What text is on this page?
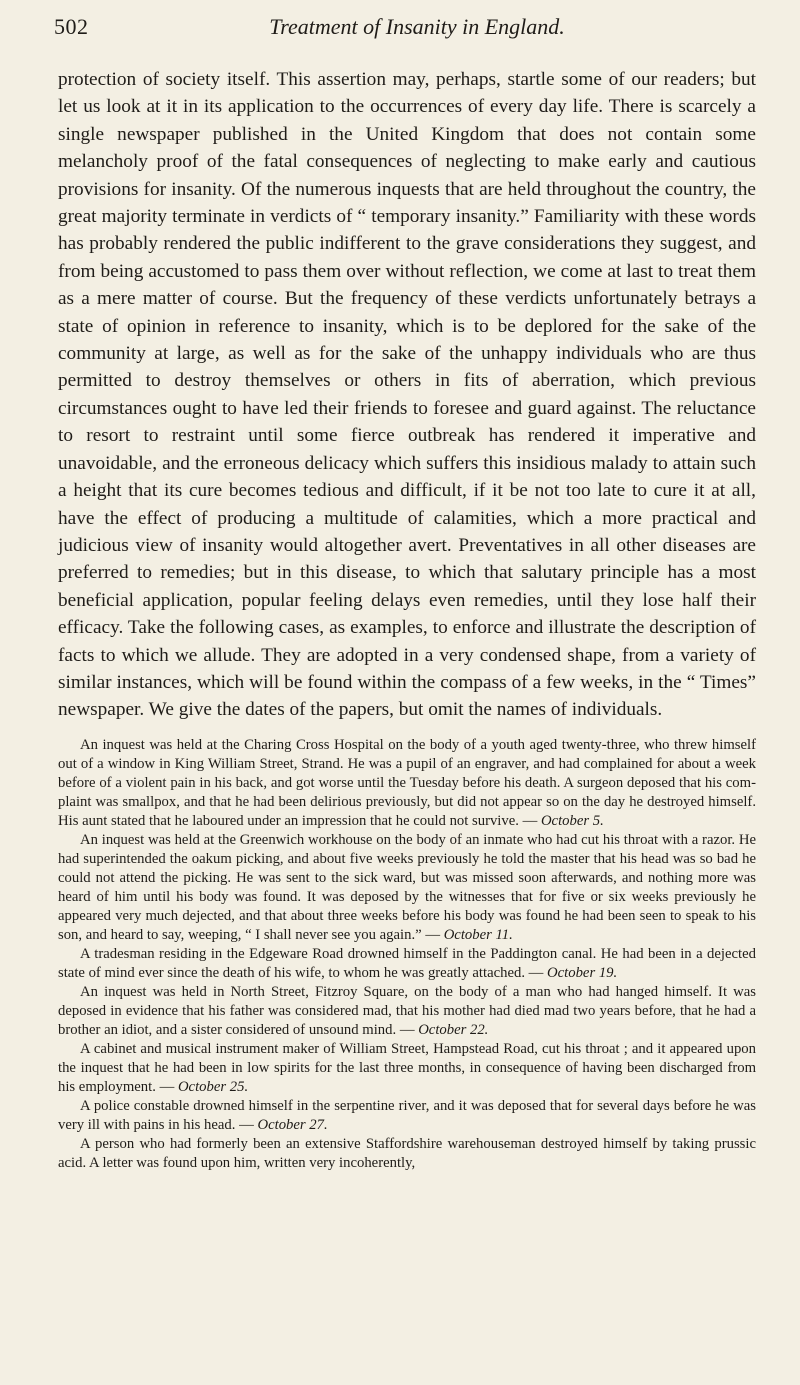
502	Treatment of Insanity in England.

protection of society itself. This assertion may, perhaps, startle some of our readers; but let us look at it in its application to the occurrences of every day life. There is scarcely a single newspaper published in the United Kingdom that does not contain some melancholy proof of the fatal consequences of neglecting to make early and cautious provisions for insanity. Of the numerous inquests that are held throughout the country, the great majority terminate in verdicts of “ temporary insanity.” Familiarity with these words has probably rendered the public indifferent to the grave considerations they suggest, and from being accustomed to pass them over without reflection, we come at last to treat them as a mere matter of course. But the frequency of these verdicts unfortunately betrays a state of opinion in reference to insanity, which is to be deplored for the sake of the community at large, as well as for the sake of the unhappy individuals who are thus permitted to destroy themselves or others in fits of aberration, which previous circumstances ought to have led their friends to foresee and guard against. The reluctance to resort to restraint until some fierce outbreak has rendered it imperative and unavoidable, and the erroneous delicacy which suffers this insidious malady to attain such a height that its cure becomes tedious and difficult, if it be not too late to cure it at all, have the effect of producing a multitude of calamities, which a more practical and judicious view of insanity would altogether avert. Preventatives in all other diseases are preferred to remedies; but in this disease, to which that salutary principle has a most beneficial application, popular feeling delays even remedies, until they lose half their efficacy. Take the following cases, as examples, to enforce and illustrate the description of facts to which we allude. They are adopted in a very condensed shape, from a variety of similar instances, which will be found within the compass of a few weeks, in the “ Times” newspaper. We give the dates of the papers, but omit the names of individuals.

An inquest was held at the Charing Cross Hospital on the body of a youth aged twenty-three, who threw himself out of a window in King William Street, Strand. He was a pupil of an engraver, and had complained for about a week before of a violent pain in his back, and got worse until the Tuesday before his death. A surgeon deposed that his complaint was smallpox, and that he had been delirious previously, but did not appear so on the day he destroyed himself. His aunt stated that he laboured under an impression that he could not survive. — October 5.

An inquest was held at the Greenwich workhouse on the body of an inmate who had cut his throat with a razor. He had superintended the oakum picking, and about five weeks previously he told the master that his head was so bad he could not attend the picking. He was sent to the sick ward, but was missed soon afterwards, and nothing more was heard of him until his body was found. It was deposed by the witnesses that for five or six weeks previously he appeared very much dejected, and that about three weeks before his body was found he had been seen to speak to his son, and heard to say, weeping, “ I shall never see you again.” — October 11.

A tradesman residing in the Edgeware Road drowned himself in the Paddington canal. He had been in a dejected state of mind ever since the death of his wife, to whom he was greatly attached. — October 19.

An inquest was held in North Street, Fitzroy Square, on the body of a man who had hanged himself. It was deposed in evidence that his father was considered mad, that his mother had died mad two years before, that he had a brother an idiot, and a sister considered of unsound mind. — October 22.

A cabinet and musical instrument maker of William Street, Hampstead Road, cut his throat ; and it appeared upon the inquest that he had been in low spirits for the last three months, in consequence of having been discharged from his employment. — October 25.

A police constable drowned himself in the serpentine river, and it was deposed that for several days before he was very ill with pains in his head. — October 27.

A person who had formerly been an extensive Staffordshire warehouseman destroyed himself by taking prussic acid. A letter was found upon him, written very incoherently,
